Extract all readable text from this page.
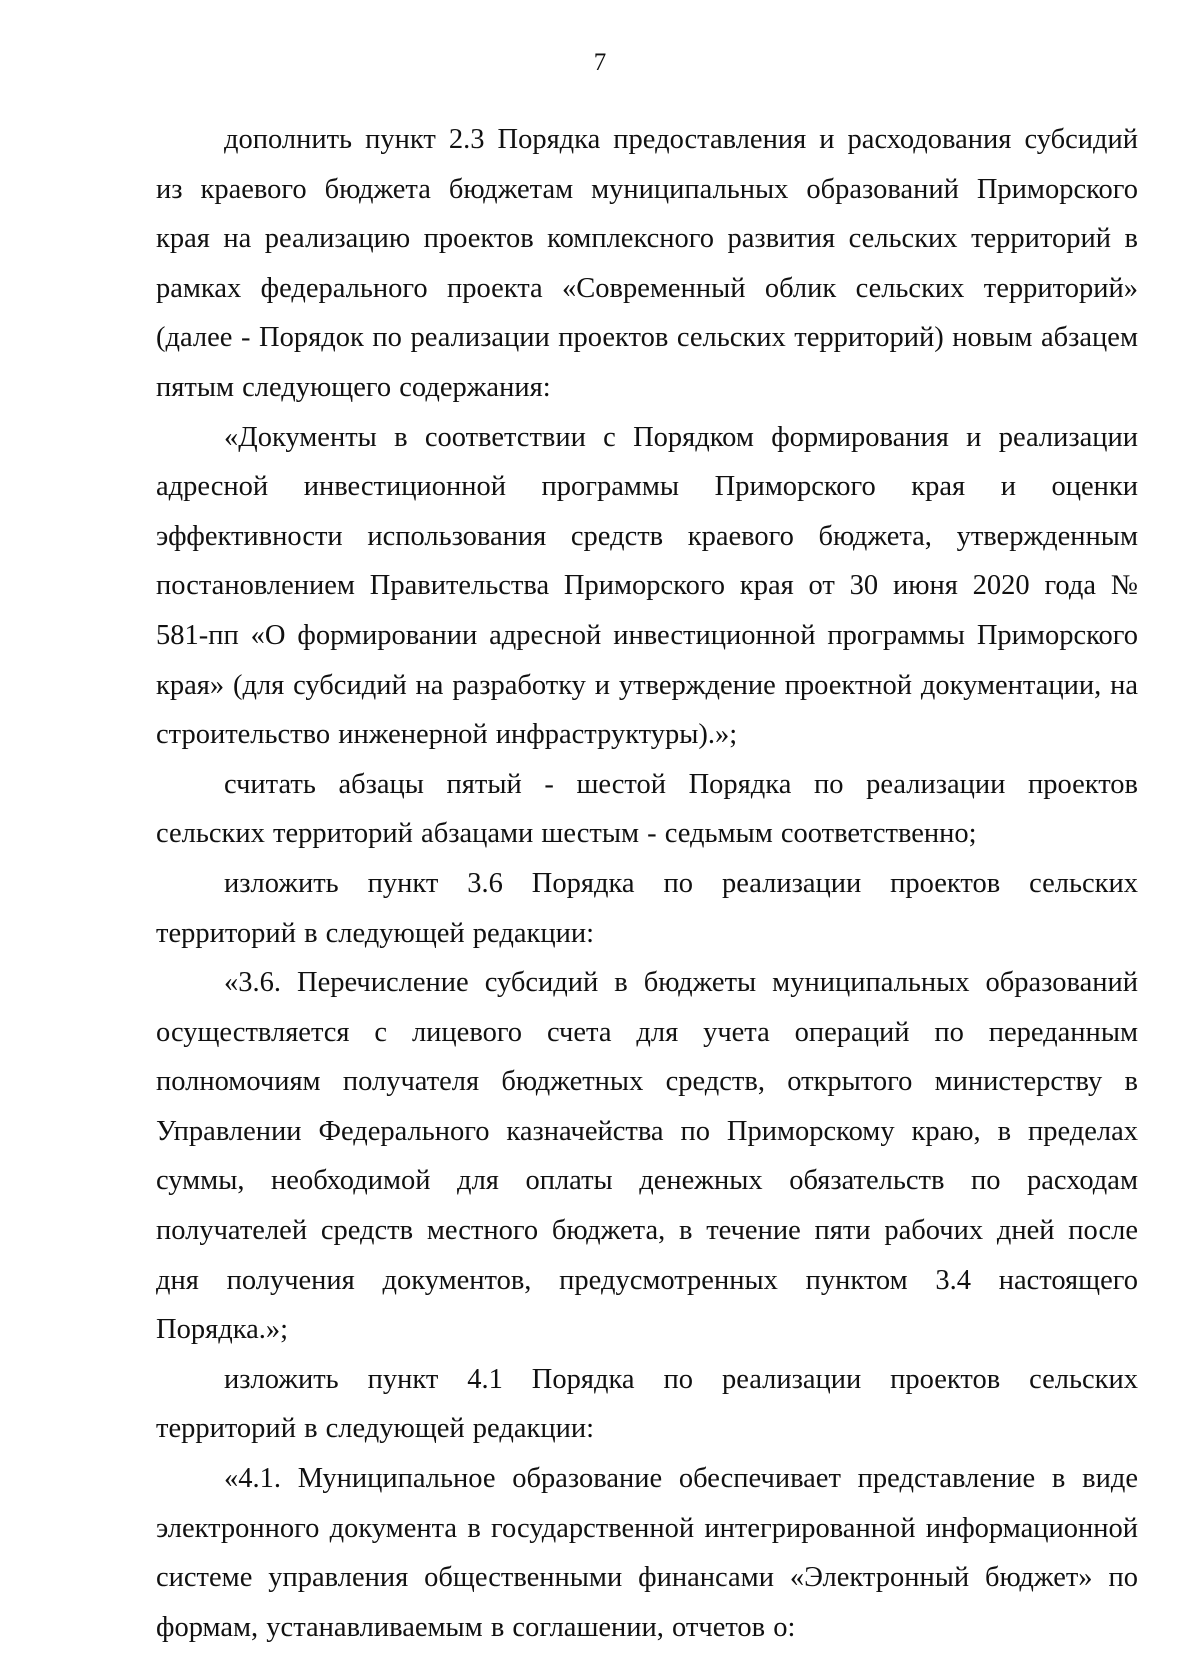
7

дополнить пункт 2.3 Порядка предоставления и расходования субсидий из краевого бюджета бюджетам муниципальных образований Приморского края на реализацию проектов комплексного развития сельских территорий в рамках федерального проекта «Современный облик сельских территорий» (далее - Порядок по реализации проектов сельских территорий) новым абзацем пятым следующего содержания:

«Документы в соответствии с Порядком формирования и реализации адресной инвестиционной программы Приморского края и оценки эффективности использования средств краевого бюджета, утвержденным постановлением Правительства Приморского края от 30 июня 2020 года № 581-пп «О формировании адресной инвестиционной программы Приморского края» (для субсидий на разработку и утверждение проектной документации, на строительство инженерной инфраструктуры).»;

считать абзацы пятый - шестой Порядка по реализации проектов сельских территорий абзацами шестым - седьмым соответственно;

изложить пункт 3.6 Порядка по реализации проектов сельских территорий в следующей редакции:

«3.6. Перечисление субсидий в бюджеты муниципальных образований осуществляется с лицевого счета для учета операций по переданным полномочиям получателя бюджетных средств, открытого министерству в Управлении Федерального казначейства по Приморскому краю, в пределах суммы, необходимой для оплаты денежных обязательств по расходам получателей средств местного бюджета, в течение пяти рабочих дней после дня получения документов, предусмотренных пунктом 3.4 настоящего Порядка.»;

изложить пункт 4.1 Порядка по реализации проектов сельских территорий в следующей редакции:

«4.1. Муниципальное образование обеспечивает представление в виде электронного документа в государственной интегрированной информационной системе управления общественными финансами «Электронный бюджет» по формам, устанавливаемым в соглашении, отчетов о:
